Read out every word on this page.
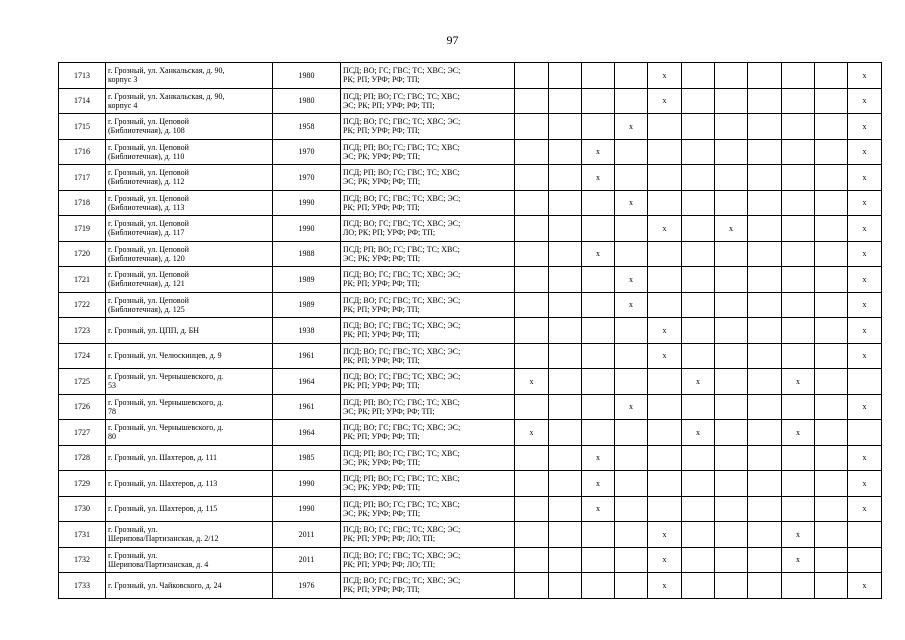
97
1713	г. Грозный, ул. Ханкальская, д. 90,
корпус 3	1980	ПСД; ВО; ГС; ГВС; ТС; ХВС; ЭС;
РК; РП; УРФ; РФ; ТП;					x						x
1714	г. Грозный, ул. Ханкальская, д. 90,
корпус 4	1980	ПСД; РП; ВО; ГС; ГВС; ТС; ХВС;
ЭС; РК; РП; УРФ; РФ; ТП;					x						x
1715	г. Грозный, ул. Цеповой
(Библиотечная), д. 108	1958	ПСД; ВО; ГС; ГВС; ТС; ХВС; ЭС;
РК; РП; УРФ; РФ; ТП;				x							x
1716	г. Грозный, ул. Цеповой
(Библиотечная), д. 110	1970	ПСД; РП; ВО; ГС; ГВС; ТС; ХВС;
ЭС; РК; УРФ; РФ; ТП;			x								x
1717	г. Грозный, ул. Цеповой
(Библиотечная), д. 112	1970	ПСД; РП; ВО; ГС; ГВС; ТС; ХВС;
ЭС; РК; УРФ; РФ; ТП;			x								x
1718	г. Грозный, ул. Цеповой
(Библиотечная), д. 113	1990	ПСД; ВО; ГС; ГВС; ТС; ХВС; ЭС;
РК; РП; УРФ; РФ; ТП;				x							x
1719	г. Грозный, ул. Цеповой
(Библиотечная), д. 117	1990	ПСД; ВО; ГС; ГВС; ТС; ХВС; ЭС;
ЛО; РК; РП; УРФ; РФ; ТП;					x		x				x
1720	г. Грозный, ул. Цеповой
(Библиотечная), д. 120	1988	ПСД; РП; ВО; ГС; ГВС; ТС; ХВС;
ЭС; РК; УРФ; РФ; ТП;			x								x
1721	г. Грозный, ул. Цеповой
(Библиотечная), д. 121	1989	ПСД; ВО; ГС; ГВС; ТС; ХВС; ЭС;
РК; РП; УРФ; РФ; ТП;				x							x
1722	г. Грозный, ул. Цеповой
(Библиотечная), д. 125	1989	ПСД; ВО; ГС; ГВС; ТС; ХВС; ЭС;
РК; РП; УРФ; РФ; ТП;				x							x
1723	г. Грозный, ул. ЦПП, д. БН	1938	ПСД; ВО; ГС; ГВС; ТС; ХВС; ЭС;
РК; РП; УРФ; РФ; ТП;					x						x
1724	г. Грозный, ул. Челюскинцев, д. 9	1961	ПСД; ВО; ГС; ГВС; ТС; ХВС; ЭС;
РК; РП; УРФ; РФ; ТП;					x						x
1725	г. Грозный, ул. Чернышевского, д.
53	1964	ПСД; ВО; ГС; ГВС; ТС; ХВС; ЭС;
РК; РП; УРФ; РФ; ТП;	x					x			x		
1726	г. Грозный, ул. Чернышевского, д.
78	1961	ПСД; РП; ВО; ГС; ГВС; ТС; ХВС;
ЭС; РК; РП; УРФ; РФ; ТП;				x							x
1727	г. Грозный, ул. Чернышевского, д.
80	1964	ПСД; ВО; ГС; ГВС; ТС; ХВС; ЭС;
РК; РП; УРФ; РФ; ТП;	x					x			x		
1728	г. Грозный, ул. Шахтеров, д. 111	1985	ПСД; РП; ВО; ГС; ГВС; ТС; ХВС;
ЭС; РК; УРФ; РФ; ТП;			x								x
1729	г. Грозный, ул. Шахтеров, д. 113	1990	ПСД; РП; ВО; ГС; ГВС; ТС; ХВС;
ЭС; РК; УРФ; РФ; ТП;			x								x
1730	г. Грозный, ул. Шахтеров, д. 115	1990	ПСД; РП; ВО; ГС; ГВС; ТС; ХВС;
ЭС; РК; УРФ; РФ; ТП;			x								x
1731	г. Грозный, ул.
Шерипова/Партизанская, д. 2/12	2011	ПСД; ВО; ГС; ГВС; ТС; ХВС; ЭС;
РК; РП; УРФ; РФ; ЛО; ТП;					x				x		
1732	г. Грозный, ул.
Шерипова/Партизанская, д. 4	2011	ПСД; ВО; ГС; ГВС; ТС; ХВС; ЭС;
РК; РП; УРФ; РФ; ЛО; ТП;					x				x		
1733	г. Грозный, ул. Чайковского, д. 24	1976	ПСД; ВО; ГС; ГВС; ТС; ХВС; ЭС;
РК; РП; УРФ; РФ; ТП;					x						x
